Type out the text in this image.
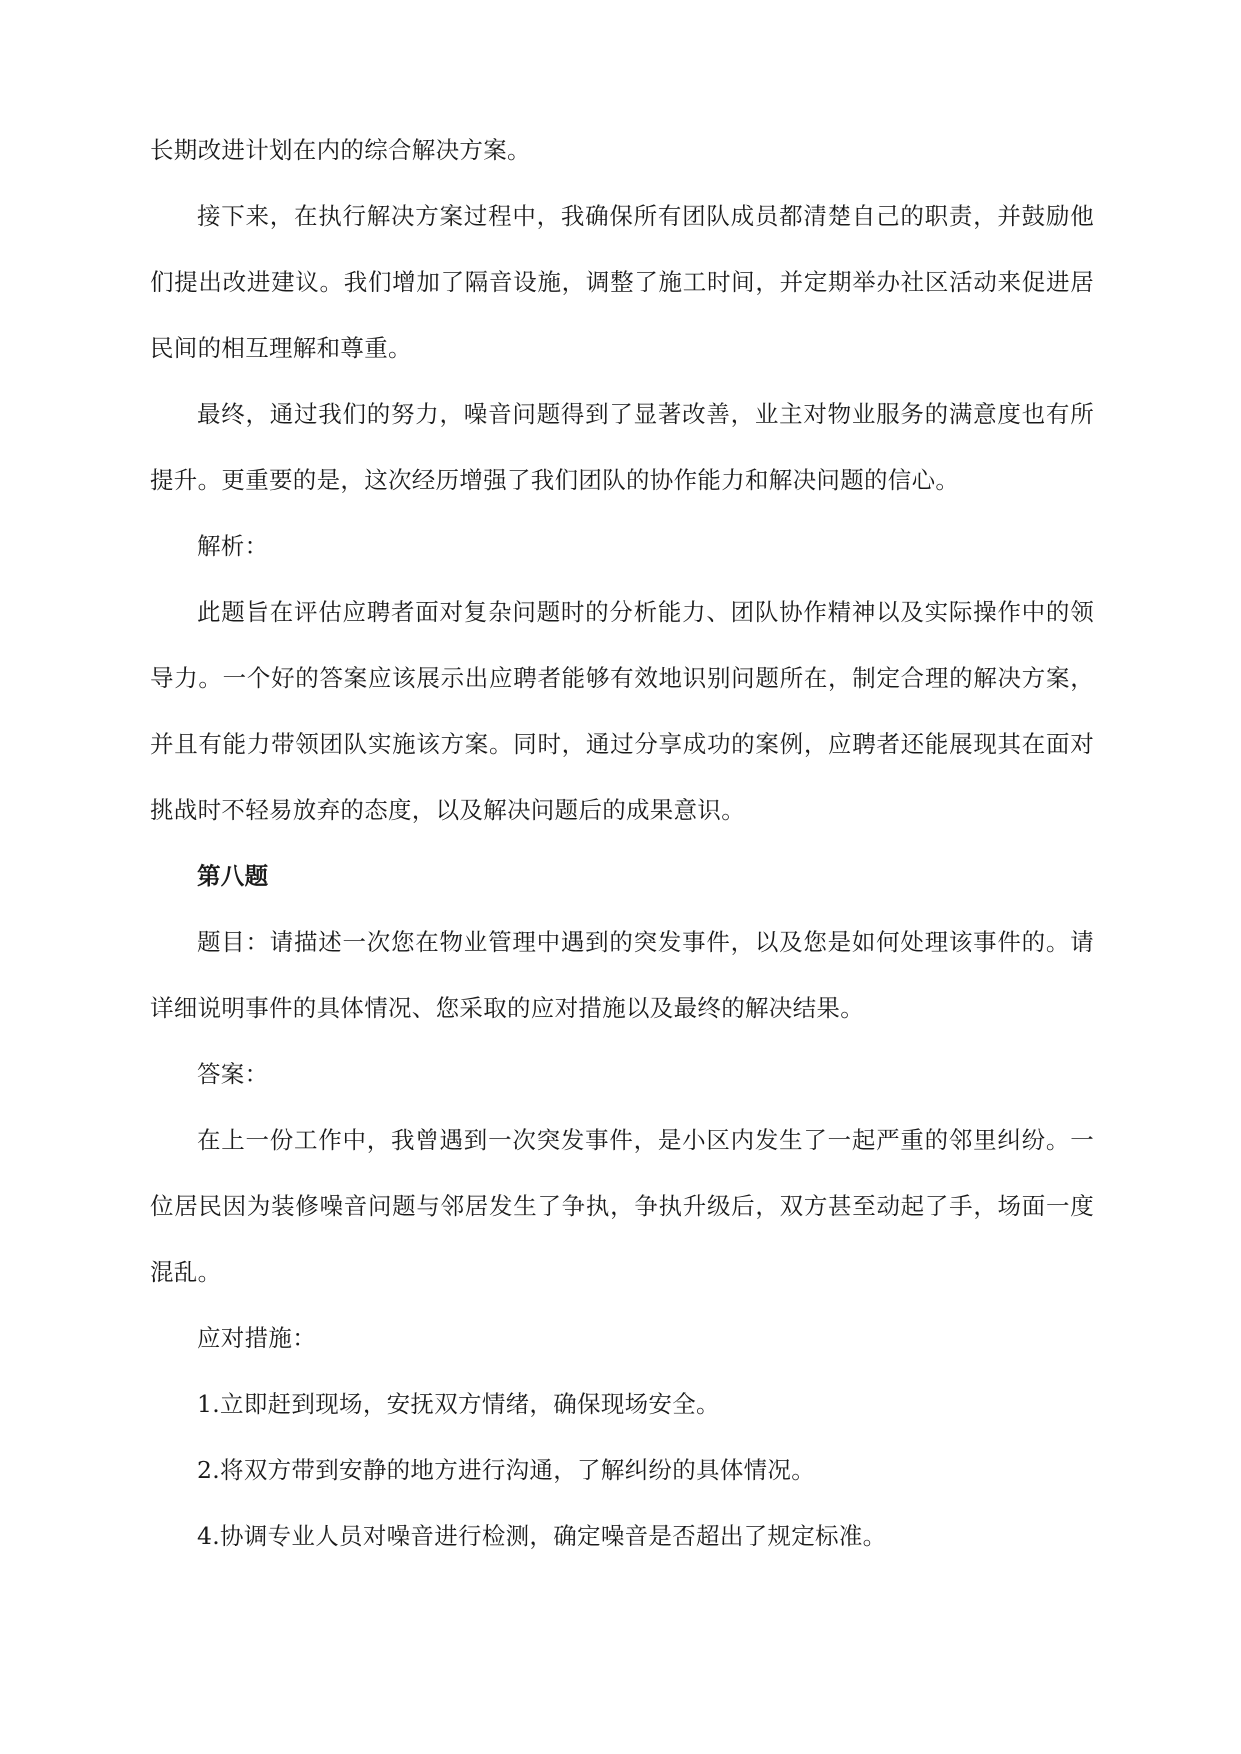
长期改进计划在内的综合解决方案。

接下来，在执行解决方案过程中，我确保所有团队成员都清楚自己的职责，并鼓励他们提出改进建议。我们增加了隔音设施，调整了施工时间，并定期举办社区活动来促进居民间的相互理解和尊重。

最终，通过我们的努力，噪音问题得到了显著改善，业主对物业服务的满意度也有所提升。更重要的是，这次经历增强了我们团队的协作能力和解决问题的信心。

解析：

此题旨在评估应聘者面对复杂问题时的分析能力、团队协作精神以及实际操作中的领导力。一个好的答案应该展示出应聘者能够有效地识别问题所在，制定合理的解决方案，并且有能力带领团队实施该方案。同时，通过分享成功的案例，应聘者还能展现其在面对挑战时不轻易放弃的态度，以及解决问题后的成果意识。

第八题

题目：请描述一次您在物业管理中遇到的突发事件，以及您是如何处理该事件的。请详细说明事件的具体情况、您采取的应对措施以及最终的解决结果。

答案：

在上一份工作中，我曾遇到一次突发事件，是小区内发生了一起严重的邻里纠纷。一位居民因为装修噪音问题与邻居发生了争执，争执升级后，双方甚至动起了手，场面一度混乱。

应对措施：

1.立即赶到现场，安抚双方情绪，确保现场安全。

2.将双方带到安静的地方进行沟通，了解纠纷的具体情况。

4.协调专业人员对噪音进行检测，确定噪音是否超出了规定标准。
